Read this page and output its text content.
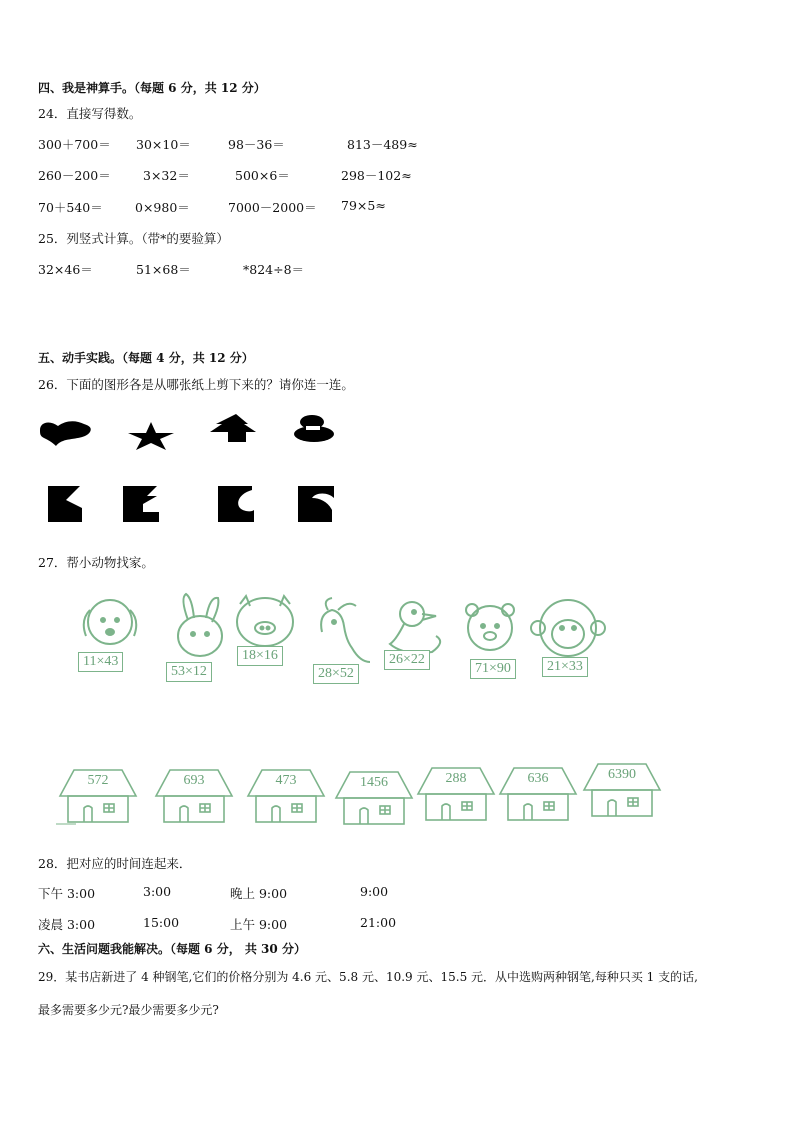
四、我是神算手。（每题 6 分，共 12 分）
24．直接写得数。
300＋700＝ 30×10＝	98－36＝	813－489≈
260－200＝	3×32＝	500×6＝	298－102≈
70＋540＝	0×980＝	7000－2000＝ 79×5≈
25．列竖式计算。（带*的要验算）
32×46＝	51×68＝	*824÷8＝
五、动手实践。（每题 4 分，共 12 分）
26．下面的图形各是从哪张纸上剪下来的？请你连一连。
27．帮小动物找家。
11×43
53×12
18×16
28×52
26×22
71×90	21×33
572	693	473	1456	288	636	6390
28．把对应的时间连起来．
下午 3:00	3:00	晚上 9:00	9:00
凌晨 3:00	15:00	上午 9:00	21:00
六、生活问题我能解决。（每题 6 分， 共 30 分）
29．某书店新进了 4 种钢笔,它们的价格分别为 4.6 元、5.8 元、10.9 元、15.5 元．从中选购两种钢笔,每种只买 1 支的话,
最多需要多少元?最少需要多少元?
